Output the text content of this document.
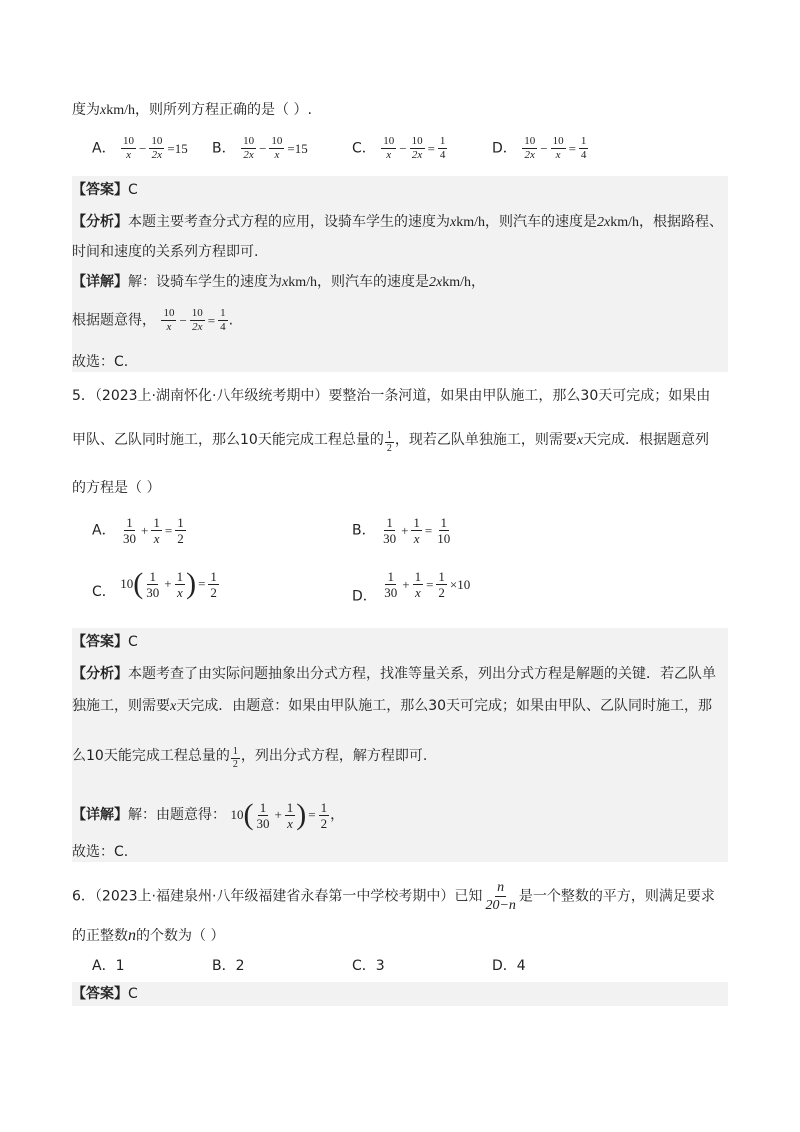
度为xkm/h，则所列方程正确的是（ ）.
A． $\frac{10}{x} - \frac{10}{2x} =15$ B． $\frac{10}{2x} - \frac{10}{x} =15$	C． $\frac{10}{x} - \frac{10}{2x} = \frac{1}{4}$	D． $\frac{10}{2x} - \frac{10}{x} = \frac{1}{4}$
【答案】C
【分析】本题主要考查分式方程的应用，设骑车学生的速度为xkm/h，则汽车的速度是2xkm/h，根据路程、
时间和速度的关系列方程即可.
【详解】解：设骑车学生的速度为xkm/h，则汽车的速度是2xkm/h，
根据题意得， $\frac{10}{x} - \frac{10}{2x} = \frac{1}{4}$ .
故选：C.
5．（2023上·湖南怀化·八年级统考期中）要整治一条河道，如果由甲队施工，那么30天可完成；如果由
甲队、乙队同时施工，那么10天能完成工程总量的 $\frac{1}{2}$ ，现若乙队单独施工，则需要x天完成．根据题意列
的方程是（ ）
A． $\frac{1}{30} + \frac{1}{x} = \frac{1}{2}$	B． $\frac{1}{30} + \frac{1}{x} = \frac{1}{10}$
C．
10 ( $\frac{1}{30} + \frac{1}{x}$ ) = $\frac{1}{2}$	D． $\frac{1}{30} + \frac{1}{x} = \frac{1}{2} \times 10$
【答案】C
【分析】本题考查了由实际问题抽象出分式方程，找准等量关系，列出分式方程是解题的关键．若乙队单
独施工，则需要x天完成．由题意：如果由甲队施工，那么30天可完成；如果由甲队、乙队同时施工，那
么10天能完成工程总量的 $\frac{1}{2}$ ，列出分式方程，解方程即可.
【详解】解：由题意得： 10 ( $\frac{1}{30} + \frac{1}{x}$ ) = $\frac{1}{2}$ ，
故选：C.
6．（2023上·福建泉州·八年级福建省永春第一中学校考期中）已知 $\frac{n}{20-n}$ 是一个整数的平方，则满足要求
的正整数n的个数为（ ）
A．1	B．2	C．3	D．4
【答案】C
